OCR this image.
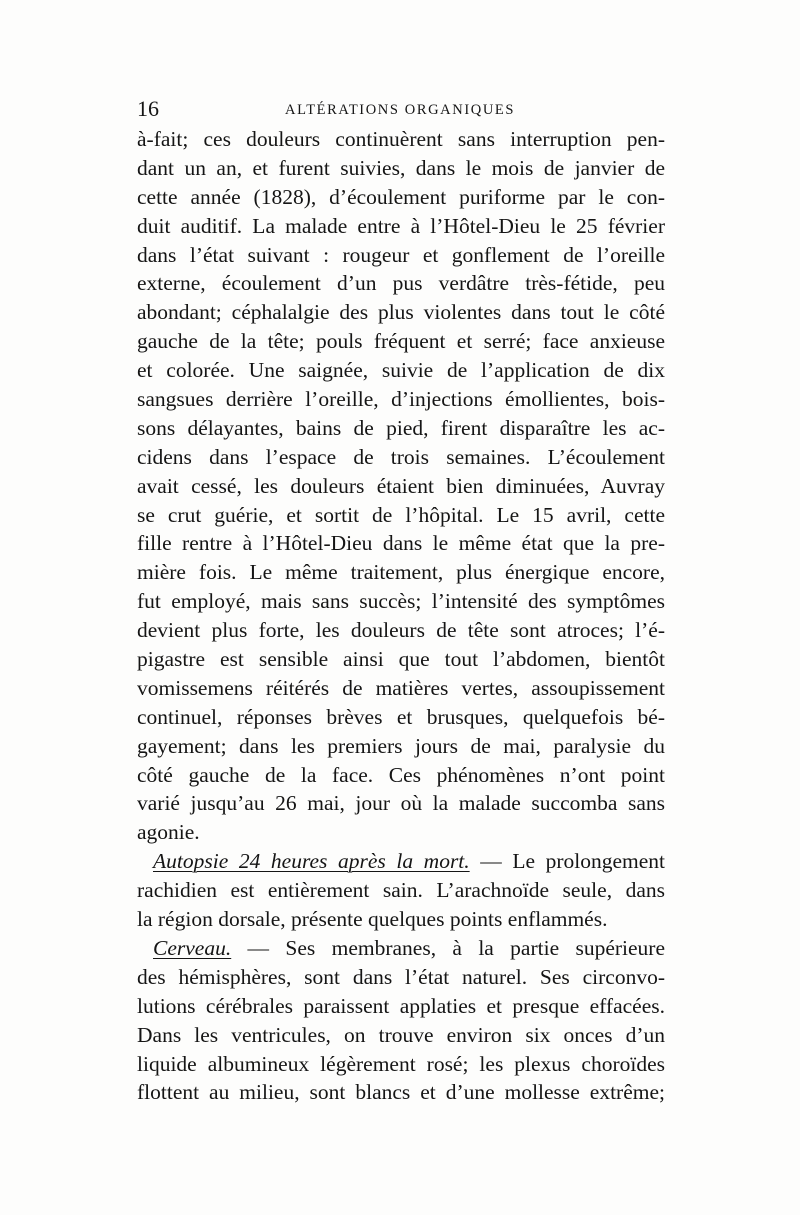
16	ALTÉRATIONS ORGANIQUES
à-fait; ces douleurs continuèrent sans interruption pen-
dant un an, et furent suivies, dans le mois de janvier de
cette année (1828), d’écoulement puriforme par le con-
duit auditif. La malade entre à l’Hôtel-Dieu le 25 février
dans l’état suivant : rougeur et gonflement de l’oreille
externe, écoulement d’un pus verdâtre très-fétide, peu
abondant; céphalalgie des plus violentes dans tout le côté
gauche de la tête; pouls fréquent et serré; face anxieuse
et colorée. Une saignée, suivie de l’application de dix
sangsues derrière l’oreille, d’injections émollientes, bois-
sons délayantes, bains de pied, firent disparaître les ac-
cidens dans l’espace de trois semaines. L’écoulement
avait cessé, les douleurs étaient bien diminuées, Auvray
se crut guérie, et sortit de l’hôpital. Le 15 avril, cette
fille rentre à l’Hôtel-Dieu dans le même état que la pre-
mière fois. Le même traitement, plus énergique encore,
fut employé, mais sans succès; l’intensité des symptômes
devient plus forte, les douleurs de tête sont atroces; l’é-
pigastre est sensible ainsi que tout l’abdomen, bientôt
vomissemens réitérés de matières vertes, assoupissement
continuel, réponses brèves et brusques, quelquefois bé-
gayement; dans les premiers jours de mai, paralysie du
côté gauche de la face. Ces phénomènes n’ont point
varié jusqu’au 26 mai, jour où la malade succomba sans
agonie.
Autopsie 24 heures après la mort. — Le prolongement
rachidien est entièrement sain. L’arachnoïde seule, dans
la région dorsale, présente quelques points enflammés.
Cerveau. — Ses membranes, à la partie supérieure
des hémisphères, sont dans l’état naturel. Ses circonvo-
lutions cérébrales paraissent applaties et presque effacées.
Dans les ventricules, on trouve environ six onces d’un
liquide albumineux légèrement rosé; les plexus choroïdes
flottent au milieu, sont blancs et d’une mollesse extrême;
